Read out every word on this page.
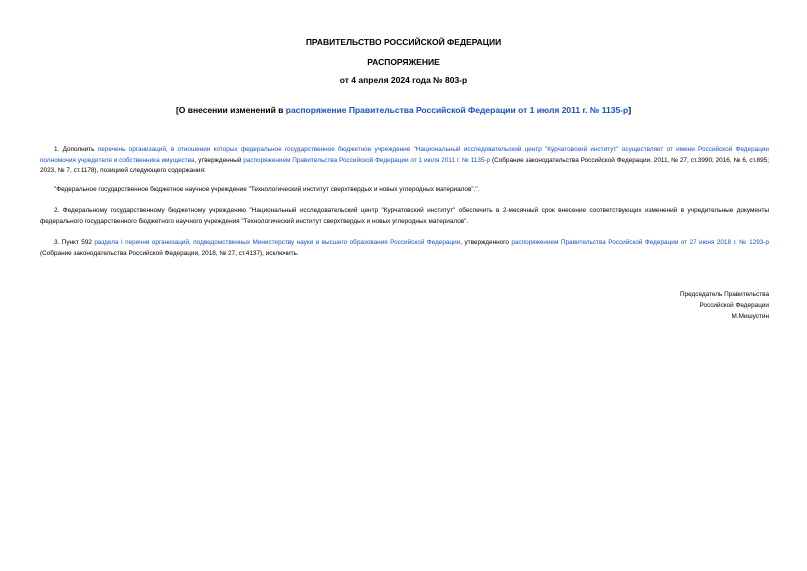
ПРАВИТЕЛЬСТВО РОССИЙСКОЙ ФЕДЕРАЦИИ

РАСПОРЯЖЕНИЕ

от 4 апреля 2024 года № 803-р

[О внесении изменений в распоряжение Правительства Российской Федерации от 1 июля 2011 г. № 1135-р]

1. Дополнить перечень организаций, в отношении которых федеральное государственное бюджетное учреждение "Национальный исследовательский центр "Курчатовский институт" осуществляет от имени Российской Федерации полномочия учредителя и собственника имущества, утвержденный распоряжением Правительства Российской Федерации от 1 июля 2011 г. № 1135-р (Собрание законодательства Российской Федерации, 2011, № 27, ст.3990; 2016, № 6, ст.895; 2023, № 7, ст.1178), позицией следующего содержания:

"Федеральное государственное бюджетное научное учреждение "Технологический институт сверхтвердых и новых углеродных материалов".".

2. Федеральному государственному бюджетному учреждению "Национальный исследовательский центр "Курчатовский институт" обеспечить в 2-месячный срок внесение соответствующих изменений в учредительные документы федерального государственного бюджетного научного учреждения "Технологический институт сверхтвердых и новых углеродных материалов".

3. Пункт 592 раздела I перечня организаций, подведомственных Министерству науки и высшего образования Российской Федерации, утвержденного распоряжением Правительства Российской Федерации от 27 июня 2018 г. № 1293-р (Собрание законодательства Российской Федерации, 2018, № 27, ст.4137), исключить.

Председатель Правительства
Российской Федерации
М.Мишустин
